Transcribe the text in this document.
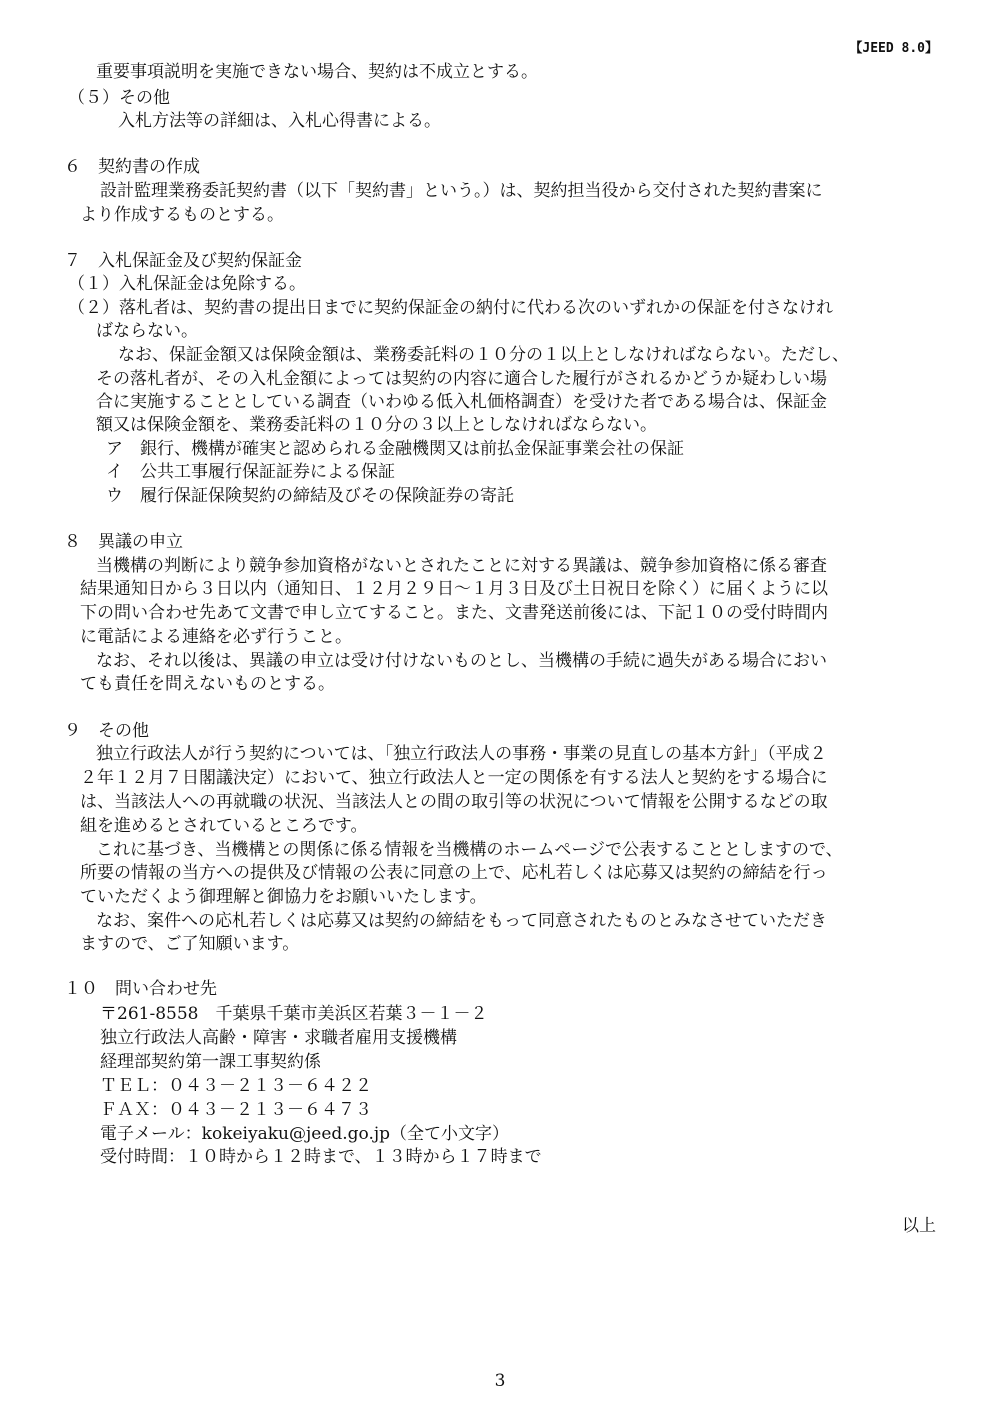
【JEED 8.0】
重要事項説明を実施できない場合、契約は不成立とする。
（５）その他
入札方法等の詳細は、入札心得書による。
６　契約書の作成
設計監理業務委託契約書（以下「契約書」という。）は、契約担当役から交付された契約書案に
より作成するものとする。
７　入札保証金及び契約保証金
（１）入札保証金は免除する。
（２）落札者は、契約書の提出日までに契約保証金の納付に代わる次のいずれかの保証を付さなけれ
ばならない。
なお、保証金額又は保険金額は、業務委託料の１０分の１以上としなければならない。ただし、
その落札者が、その入札金額によっては契約の内容に適合した履行がされるかどうか疑わしい場
合に実施することとしている調査（いわゆる低入札価格調査）を受けた者である場合は、保証金
額又は保険金額を、業務委託料の１０分の３以上としなければならない。
ア　銀行、機構が確実と認められる金融機関又は前払金保証事業会社の保証
イ　公共工事履行保証証券による保証
ウ　履行保証保険契約の締結及びその保険証券の寄託
８　異議の申立
当機構の判断により競争参加資格がないとされたことに対する異議は、競争参加資格に係る審査
結果通知日から３日以内（通知日、１２月２９日～１月３日及び土日祝日を除く）に届くように以
下の問い合わせ先あて文書で申し立てすること。また、文書発送前後には、下記１０の受付時間内
に電話による連絡を必ず行うこと。
なお、それ以後は、異議の申立は受け付けないものとし、当機構の手続に過失がある場合におい
ても責任を問えないものとする。
９　その他
独立行政法人が行う契約については、「独立行政法人の事務・事業の見直しの基本方針」（平成２
２年１２月７日閣議決定）において、独立行政法人と一定の関係を有する法人と契約をする場合に
は、当該法人への再就職の状況、当該法人との間の取引等の状況について情報を公開するなどの取
組を進めるとされているところです。
これに基づき、当機構との関係に係る情報を当機構のホームページで公表することとしますので、
所要の情報の当方への提供及び情報の公表に同意の上で、応札若しくは応募又は契約の締結を行っ
ていただくよう御理解と御協力をお願いいたします。
なお、案件への応札若しくは応募又は契約の締結をもって同意されたものとみなさせていただき
ますので、ご了知願います。
１０　問い合わせ先
〒261-8558　千葉県千葉市美浜区若葉３－１－２
独立行政法人高齢・障害・求職者雇用支援機構
経理部契約第一課工事契約係
ＴＥＬ：０４３－２１３－６４２２
ＦＡＸ：０４３－２１３－６４７３
電子メール：kokeiyaku@jeed.go.jp（全て小文字）
受付時間：１０時から１２時まで、１３時から１７時まで
以上
3
